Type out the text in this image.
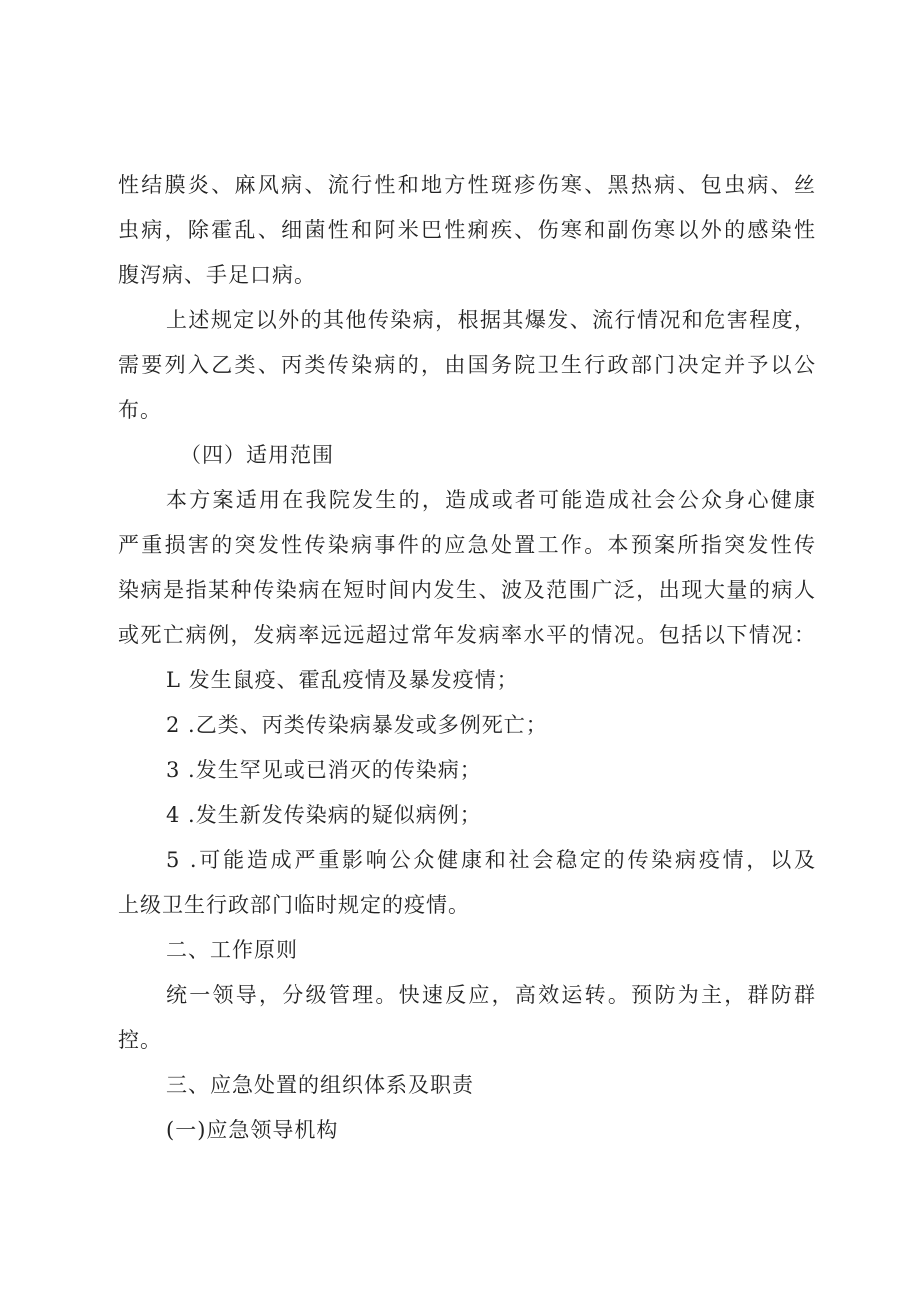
性结膜炎、麻风病、流行性和地方性斑疹伤寒、黑热病、包虫病、丝
虫病，除霍乱、细菌性和阿米巴性痢疾、伤寒和副伤寒以外的感染性
腹泻病、手足口病。
上述规定以外的其他传染病，根据其爆发、流行情况和危害程度，
需要列入乙类、丙类传染病的，由国务院卫生行政部门决定并予以公
布。
（四）适用范围
本方案适用在我院发生的，造成或者可能造成社会公众身心健康
严重损害的突发性传染病事件的应急处置工作。本预案所指突发性传
染病是指某种传染病在短时间内发生、波及范围广泛，出现大量的病人
或死亡病例，发病率远远超过常年发病率水平的情况。包括以下情况：
L 发生鼠疫、霍乱疫情及暴发疫情；
2 .乙类、丙类传染病暴发或多例死亡；
3 .发生罕见或已消灭的传染病；
4 .发生新发传染病的疑似病例；
5 .可能造成严重影响公众健康和社会稳定的传染病疫情，以及
上级卫生行政部门临时规定的疫情。
二、工作原则
统一领导，分级管理。快速反应，高效运转。预防为主，群防群
控。
三、应急处置的组织体系及职责
(一)应急领导机构
